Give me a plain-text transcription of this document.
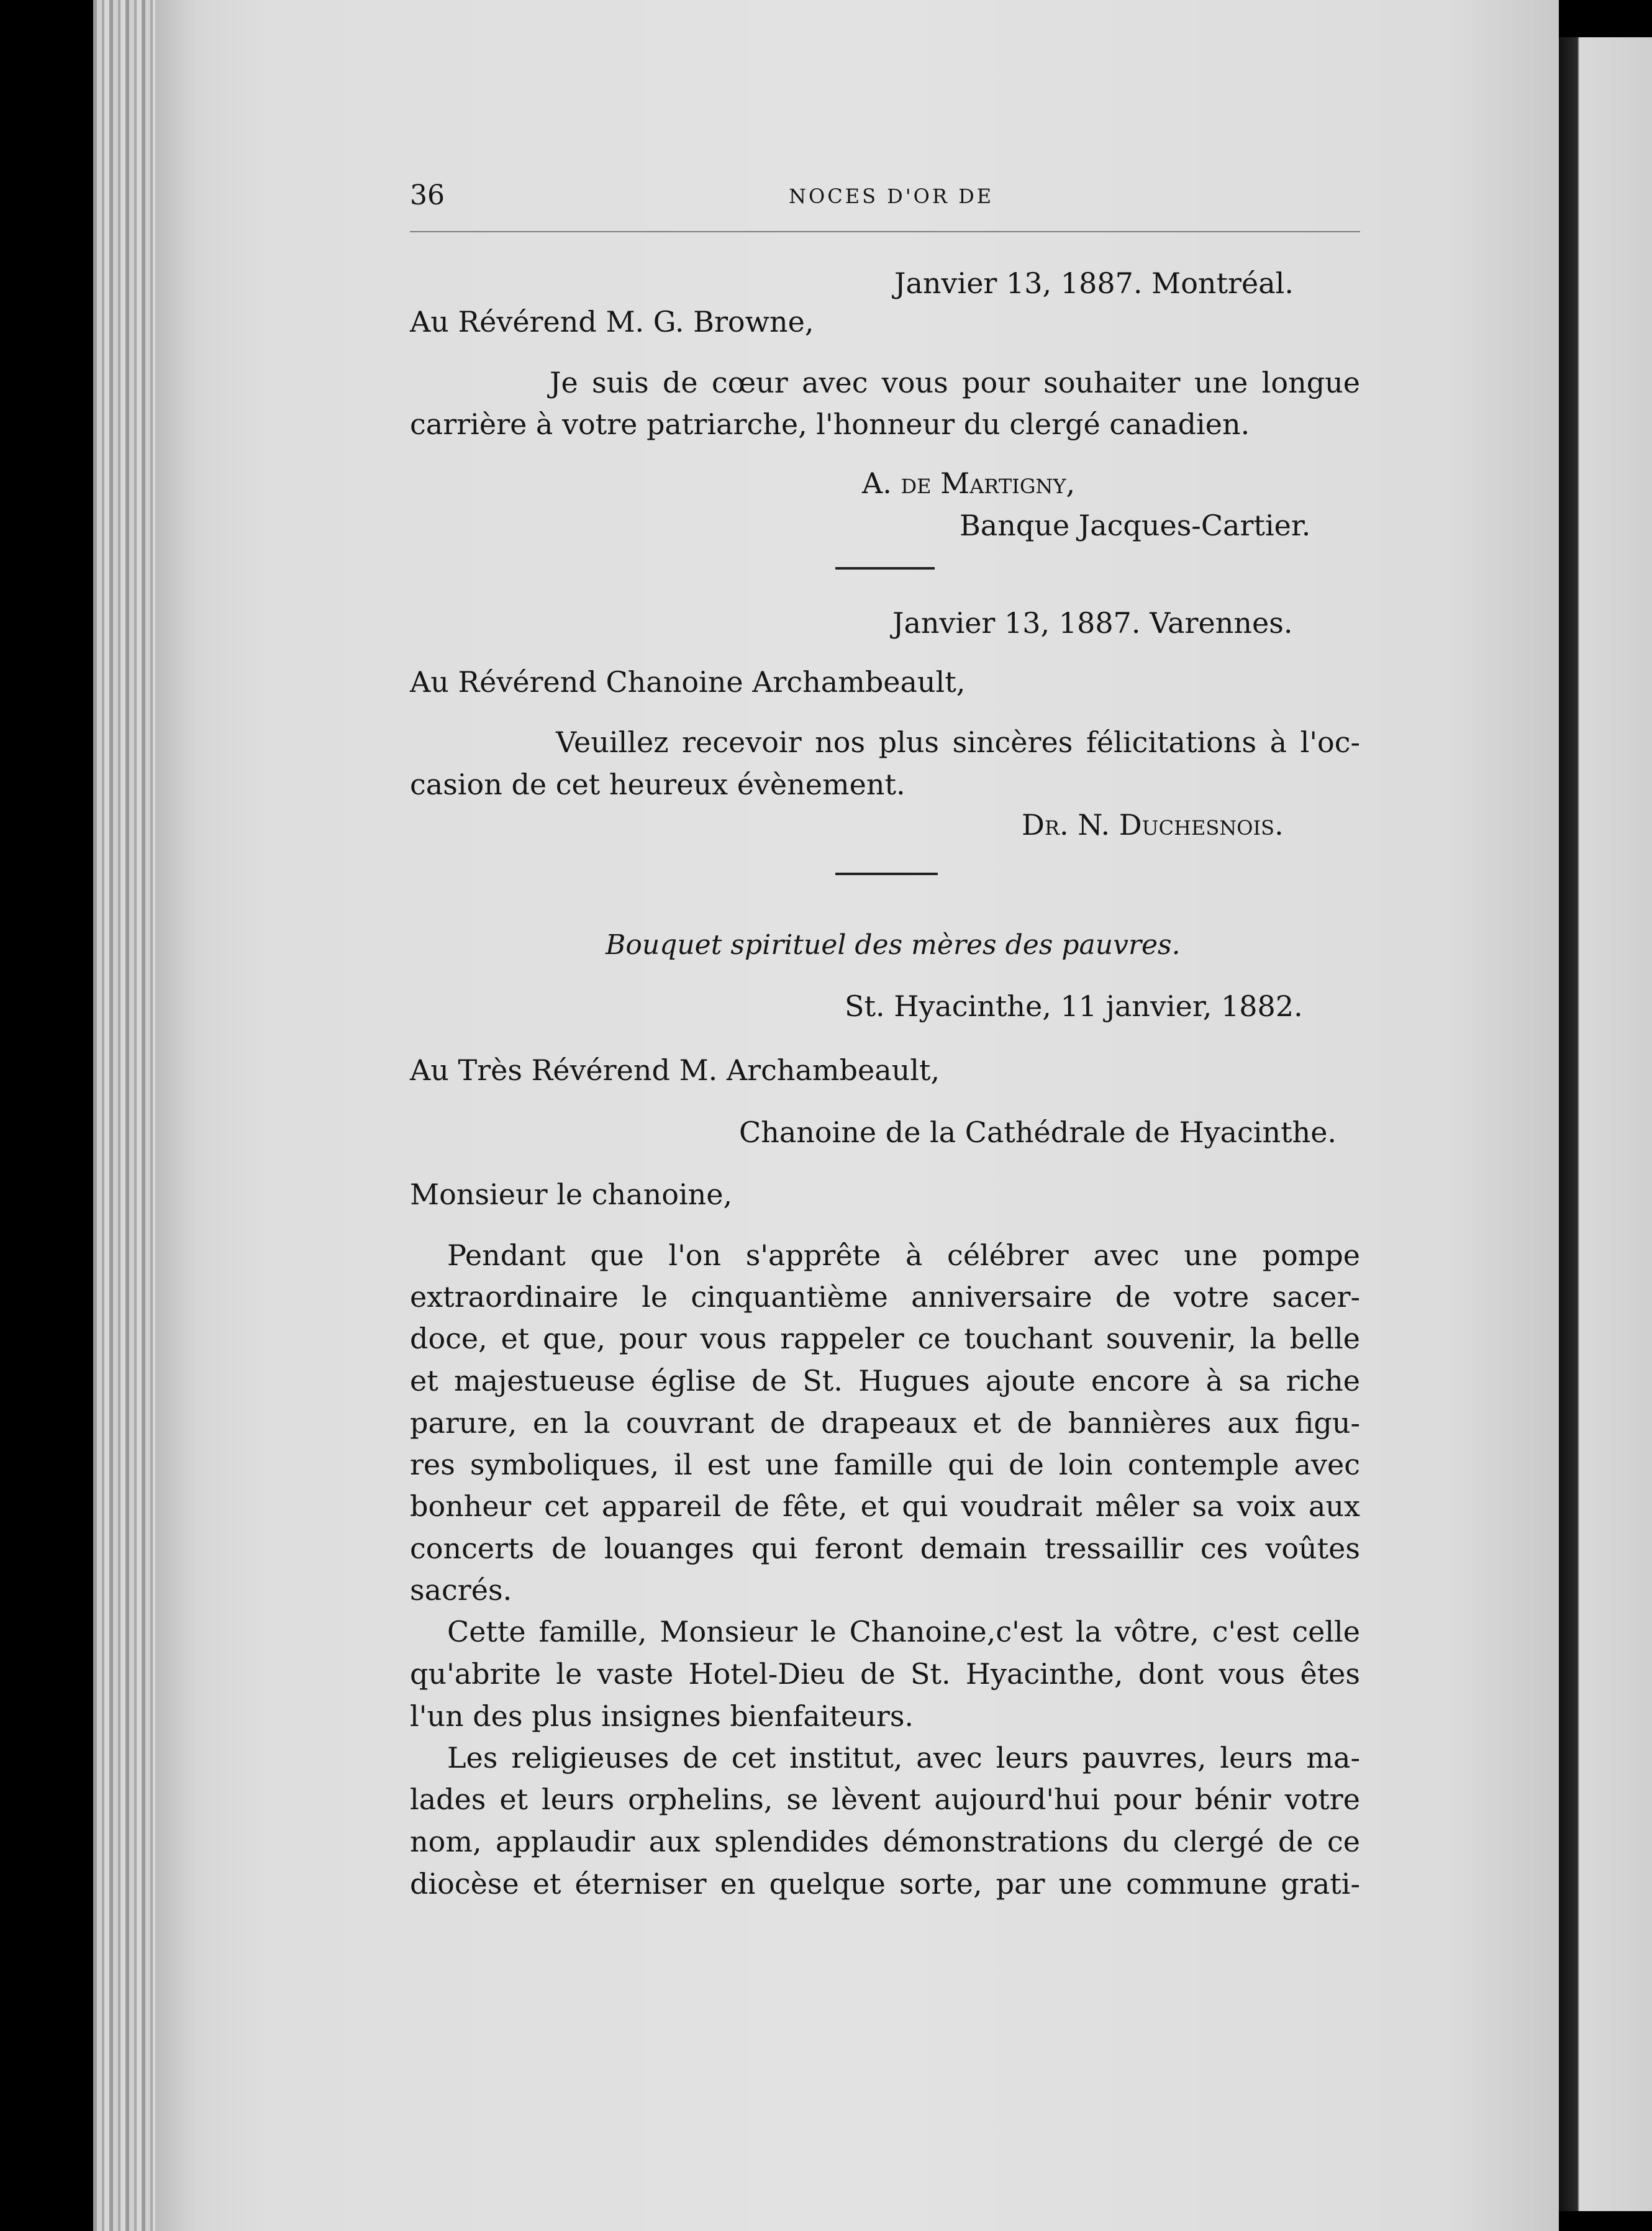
36	NOCES D'OR DE
Janvier 13, 1887. Montréal.
Au Révérend M. G. Browne,
Je suis de cœur avec vous pour souhaiter une longue
carrière à votre patriarche, l'honneur du clergé canadien.
A. de Martigny,
Banque Jacques-Cartier.
Janvier 13, 1887. Varennes.
Au Révérend Chanoine Archambeault,
Veuillez recevoir nos plus sincères félicitations à l'oc-
casion de cet heureux évènement.
Dr. N. Duchesnois.
Bouquet spirituel des mères des pauvres.
St. Hyacinthe, 11 janvier, 1882.
Au Très Révérend M. Archambeault,
Chanoine de la Cathédrale de Hyacinthe.
Monsieur le chanoine,
Pendant que l'on s'apprête à célébrer avec une pompe
extraordinaire le cinquantième anniversaire de votre sacer-
doce, et que, pour vous rappeler ce touchant souvenir, la belle
et majestueuse église de St. Hugues ajoute encore à sa riche
parure, en la couvrant de drapeaux et de bannières aux figu-
res symboliques, il est une famille qui de loin contemple avec
bonheur cet appareil de fête, et qui voudrait mêler sa voix aux
concerts de louanges qui feront demain tressaillir ces voûtes
sacrés.
Cette famille, Monsieur le Chanoine,c'est la vôtre, c'est celle
qu'abrite le vaste Hotel-Dieu de St. Hyacinthe, dont vous êtes
l'un des plus insignes bienfaiteurs.
Les religieuses de cet institut, avec leurs pauvres, leurs ma-
lades et leurs orphelins, se lèvent aujourd'hui pour bénir votre
nom, applaudir aux splendides démonstrations du clergé de ce
diocèse et éterniser en quelque sorte, par une commune grati-
